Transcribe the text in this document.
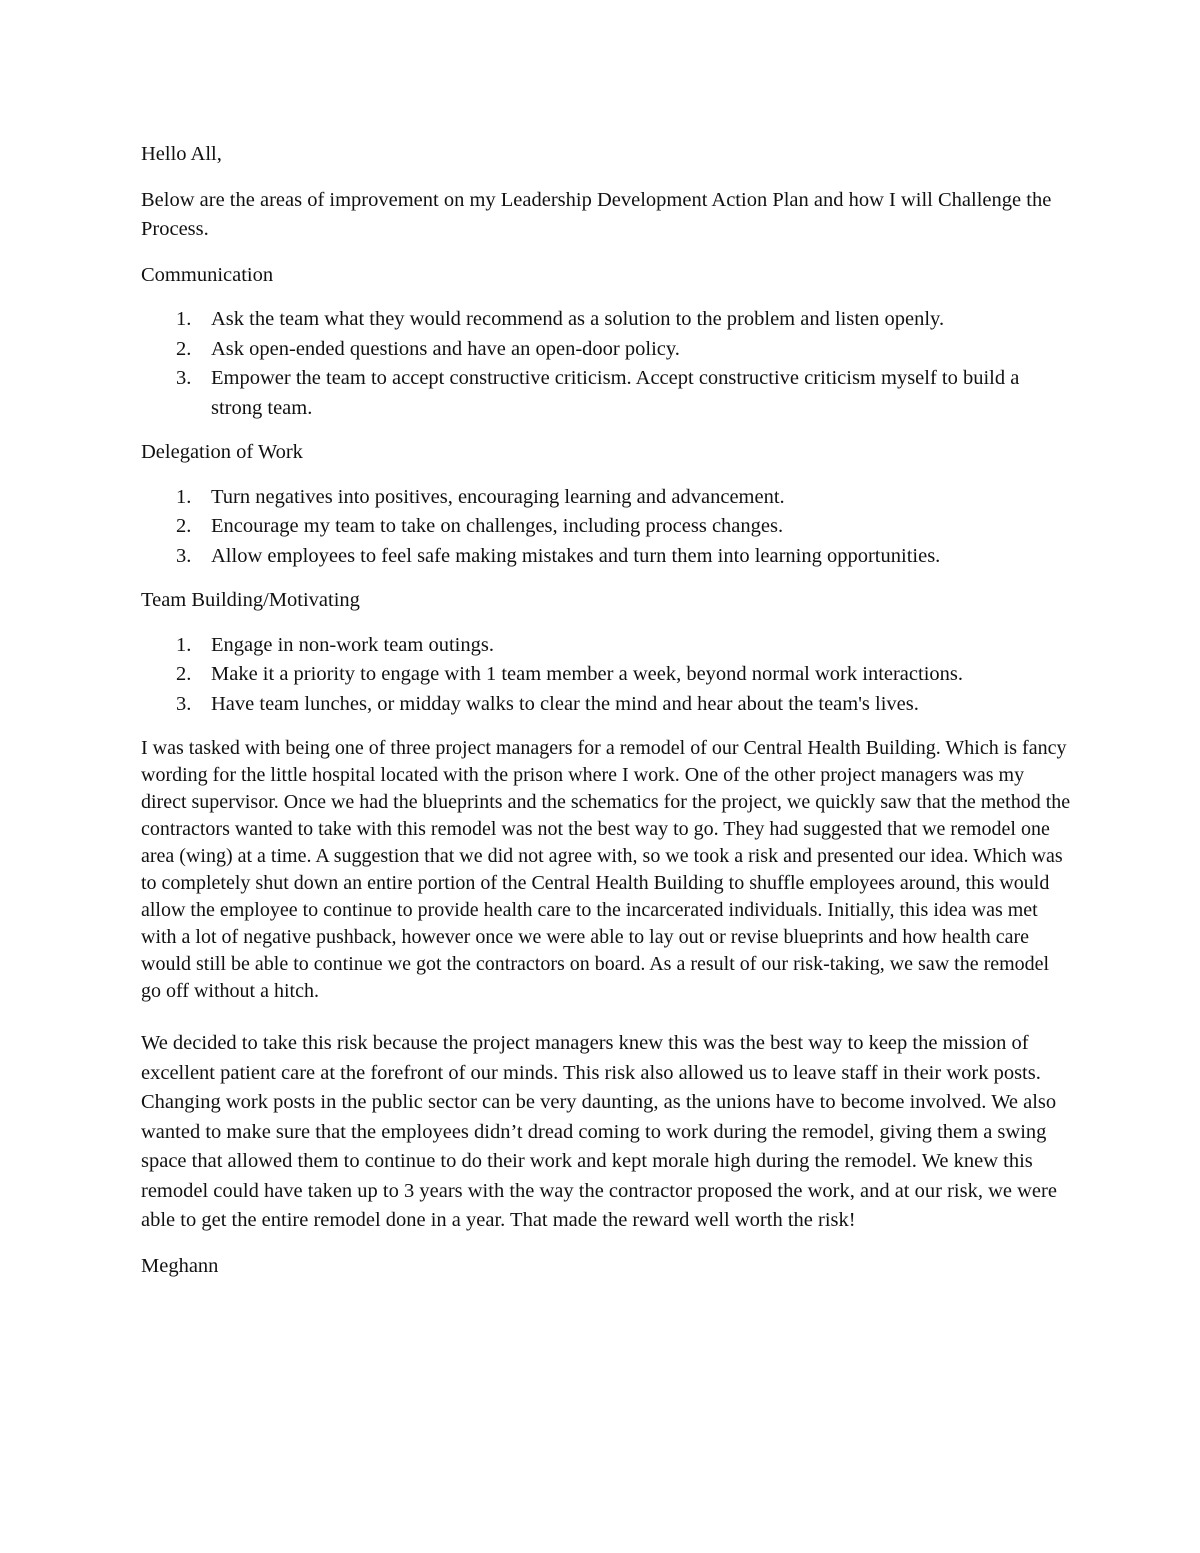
Hello All,

Below are the areas of improvement on my Leadership Development Action Plan and how I will Challenge the Process.

Communication

1. Ask the team what they would recommend as a solution to the problem and listen openly.
2. Ask open-ended questions and have an open-door policy.
3. Empower the team to accept constructive criticism. Accept constructive criticism myself to build a strong team.

Delegation of Work

1. Turn negatives into positives, encouraging learning and advancement.
2. Encourage my team to take on challenges, including process changes.
3. Allow employees to feel safe making mistakes and turn them into learning opportunities.

Team Building/Motivating

1. Engage in non-work team outings.
2. Make it a priority to engage with 1 team member a week, beyond normal work interactions.
3. Have team lunches, or midday walks to clear the mind and hear about the team's lives.

I was tasked with being one of three project managers for a remodel of our Central Health Building. Which is fancy wording for the little hospital located with the prison where I work. One of the other project managers was my direct supervisor. Once we had the blueprints and the schematics for the project, we quickly saw that the method the contractors wanted to take with this remodel was not the best way to go. They had suggested that we remodel one area (wing) at a time. A suggestion that we did not agree with, so we took a risk and presented our idea. Which was to completely shut down an entire portion of the Central Health Building to shuffle employees around, this would allow the employee to continue to provide health care to the incarcerated individuals. Initially, this idea was met with a lot of negative pushback, however once we were able to lay out or revise blueprints and how health care would still be able to continue we got the contractors on board. As a result of our risk-taking, we saw the remodel go off without a hitch.

We decided to take this risk because the project managers knew this was the best way to keep the mission of excellent patient care at the forefront of our minds. This risk also allowed us to leave staff in their work posts. Changing work posts in the public sector can be very daunting, as the unions have to become involved. We also wanted to make sure that the employees didn’t dread coming to work during the remodel, giving them a swing space that allowed them to continue to do their work and kept morale high during the remodel. We knew this remodel could have taken up to 3 years with the way the contractor proposed the work, and at our risk, we were able to get the entire remodel done in a year. That made the reward well worth the risk!

Meghann
